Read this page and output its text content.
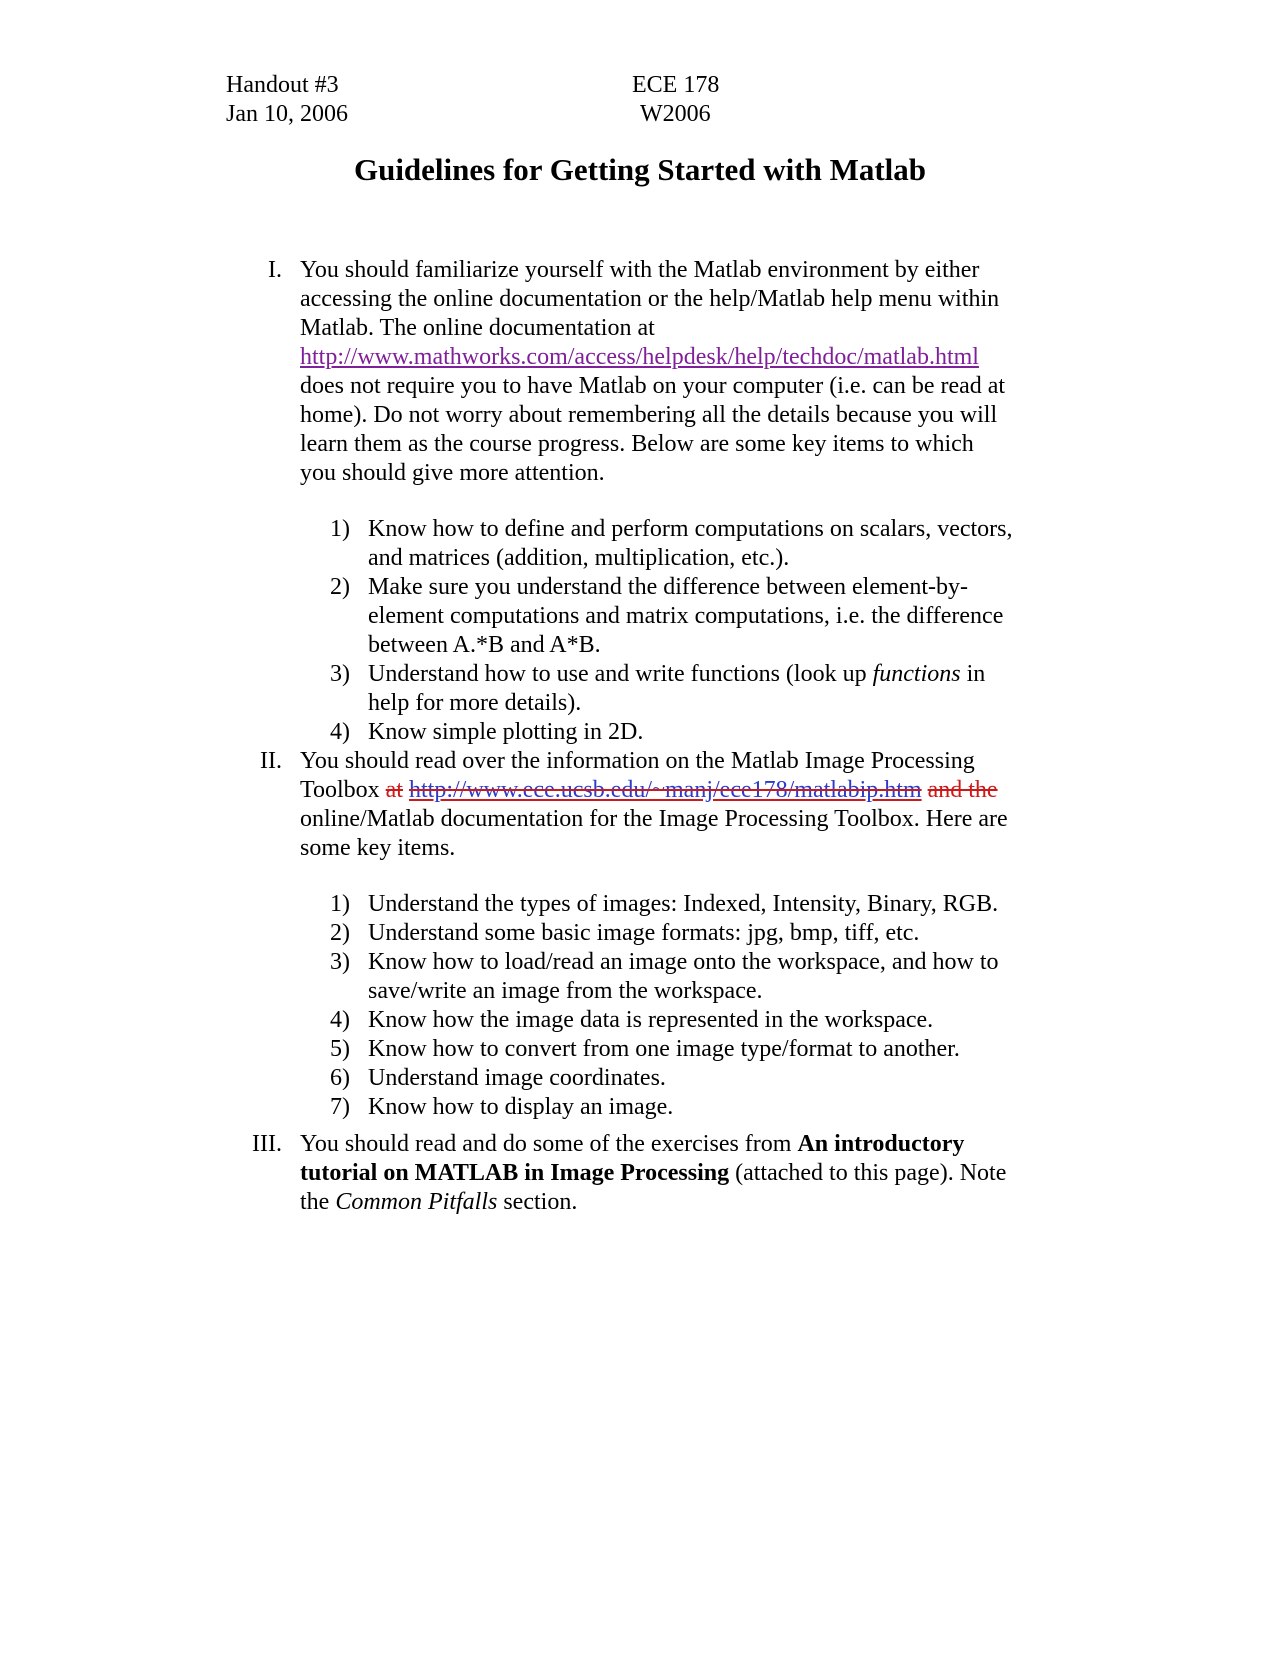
Handout #3
Jan 10, 2006
ECE 178
W2006
Guidelines for Getting Started with Matlab
I. You should familiarize yourself with the Matlab environment by either
accessing the online documentation or the help/Matlab help menu within
Matlab. The online documentation at
http://www.mathworks.com/access/helpdesk/help/techdoc/matlab.html
does not require you to have Matlab on your computer (i.e. can be read at
home). Do not worry about remembering all the details because you will
learn them as the course progress. Below are some key items to which
you should give more attention.
1) Know how to define and perform computations on scalars, vectors,
and matrices (addition, multiplication, etc.).
2) Make sure you understand the difference between element-by-
element computations and matrix computations, i.e. the difference
between A.*B and A*B.
3) Understand how to use and write functions (look up functions in
help for more details).
4) Know simple plotting in 2D.
II. You should read over the information on the Matlab Image Processing
Toolbox at http://www.ece.ucsb.edu/~manj/ece178/matlabip.htm and the
online/Matlab documentation for the Image Processing Toolbox. Here are
some key items.
1) Understand the types of images: Indexed, Intensity, Binary, RGB.
2) Understand some basic image formats: jpg, bmp, tiff, etc.
3) Know how to load/read an image onto the workspace, and how to
save/write an image from the workspace.
4) Know how the image data is represented in the workspace.
5) Know how to convert from one image type/format to another.
6) Understand image coordinates.
7) Know how to display an image.
III. You should read and do some of the exercises from An introductory
tutorial on MATLAB in Image Processing (attached to this page). Note
the Common Pitfalls section.
